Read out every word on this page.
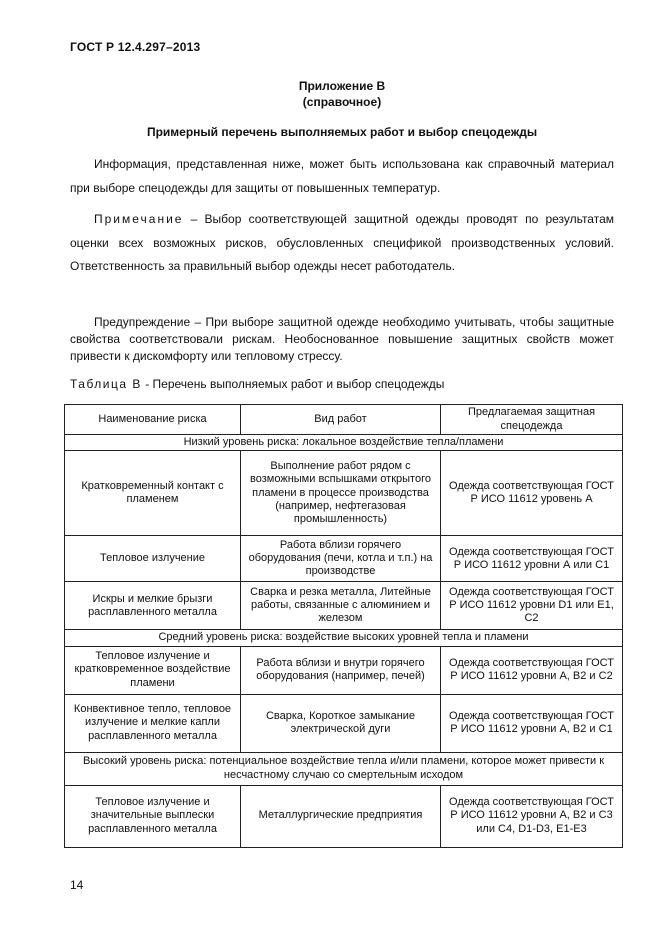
ГОСТ Р 12.4.297–2013
Приложение В
(справочное)
Примерный перечень выполняемых работ и выбор спецодежды
Информация, представленная ниже, может быть использована как справочный материал при выборе спецодежды для защиты от повышенных температур.
Примечание – Выбор соответствующей защитной одежды проводят по результатам оценки всех возможных рисков, обусловленных спецификой производственных условий. Ответственность за правильный выбор одежды несет работодатель.
Предупреждение – При выборе защитной одежде необходимо учитывать, чтобы защитные свойства соответствовали рискам. Необоснованное повышение защитных свойств может привести к дискомфорту или тепловому стрессу.
Таблица В - Перечень выполняемых работ и выбор спецодежды
Наименование риска	Вид работ	Предлагаемая защитная спецодежда
Низкий уровень риска: локальное воздействие тепла/пламени		
Кратковременный контакт с пламенем	Выполнение работ рядом с возможными вспышками открытого пламени в процессе производства (например, нефтегазовая промышленность)	Одежда соответствующая ГОСТ Р ИСО 11612 уровень А
Тепловое излучение	Работа вблизи горячего оборудования (печи, котла и т.п.) на производстве	Одежда соответствующая ГОСТ Р ИСО 11612 уровни А или С1
Искры и мелкие брызги расплавленного металла	Сварка и резка металла, Литейные работы, связанные с алюминием и железом	Одежда соответствующая ГОСТ Р ИСО 11612 уровни D1 или Е1, С2
Средний уровень риска: воздействие высоких уровней тепла и пламени		
Тепловое излучение и кратковременное воздействие пламени	Работа вблизи и внутри горячего оборудования (например, печей)	Одежда соответствующая ГОСТ Р ИСО 11612 уровни А, В2 и С2
Конвективное тепло, тепловое излучение и мелкие капли расплавленного металла	Сварка, Короткое замыкание электрической дуги	Одежда соответствующая ГОСТ Р ИСО 11612 уровни А, В2 и С1
Высокий уровень риска: потенциальное воздействие тепла и/или пламени, которое может привести к несчастному случаю со смертельным исходом		
Тепловое излучение и значительные выплески расплавленного металла	Металлургические предприятия	Одежда соответствующая ГОСТ Р ИСО 11612 уровни А, В2 и С3 или С4, D1-D3, Е1-Е3
14
